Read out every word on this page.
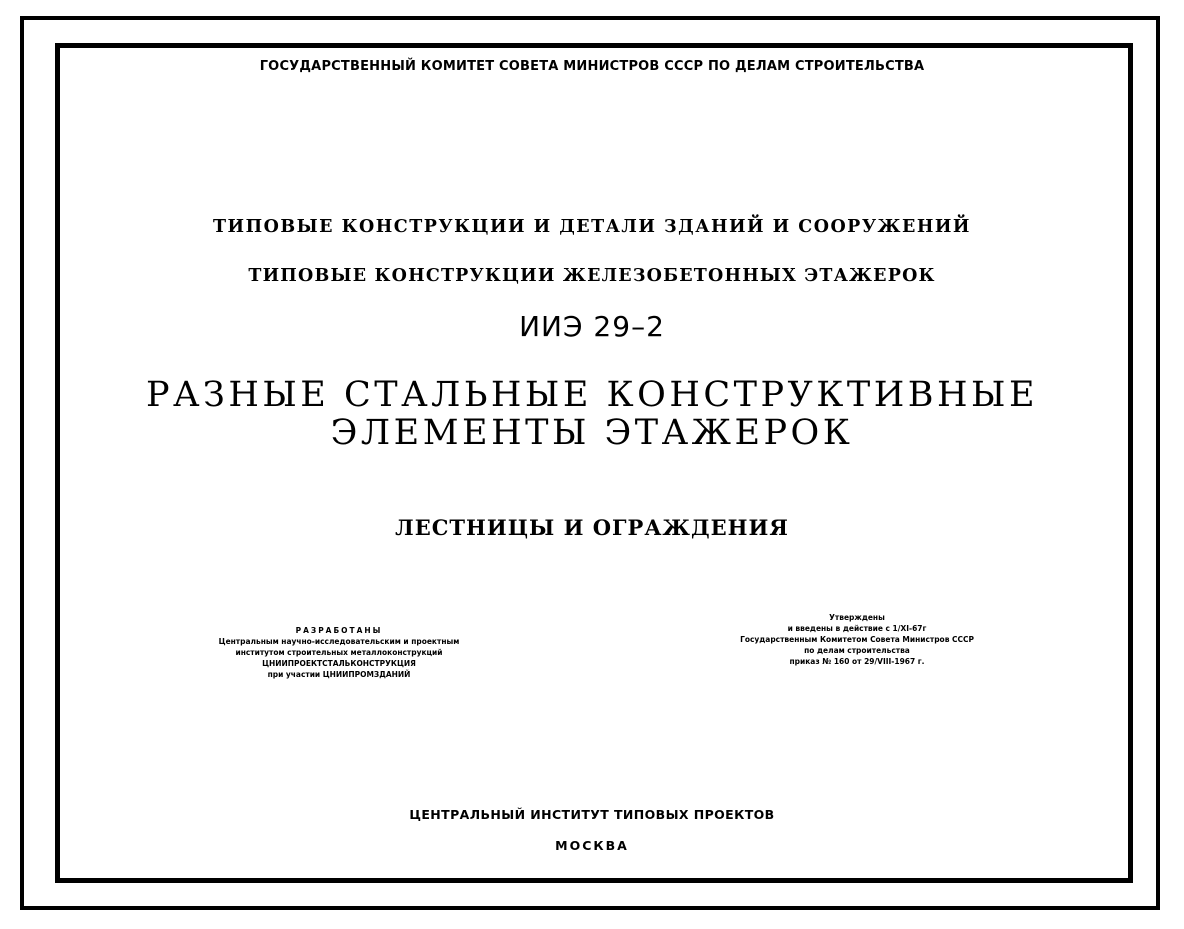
ГОСУДАРСТВЕННЫЙ КОМИТЕТ СОВЕТА МИНИСТРОВ СССР ПО ДЕЛАМ СТРОИТЕЛЬСТВА
ТИПОВЫЕ КОНСТРУКЦИИ И ДЕТАЛИ ЗДАНИЙ И СООРУЖЕНИЙ
ТИПОВЫЕ КОНСТРУКЦИИ ЖЕЛЕЗОБЕТОННЫХ ЭТАЖЕРОК
ИИЭ 29–2
РАЗНЫЕ СТАЛЬНЫЕ КОНСТРУКТИВНЫЕ
ЭЛЕМЕНТЫ ЭТАЖЕРОК
ЛЕСТНИЦЫ И ОГРАЖДЕНИЯ
РАЗРАБОТАНЫ
Центральным научно-исследовательским и проектным
институтом строительных металлоконструкций
ЦНИИПРОЕКТСТАЛЬКОНСТРУКЦИЯ
при участии ЦНИИПРОМЗДАНИЙ
Утверждены
и введены в действие с 1/XI-67г
Государственным Комитетом Совета Министров СССР
по делам строительства
приказ № 160 от 29/VIII-1967 г.
ЦЕНТРАЛЬНЫЙ ИНСТИТУТ ТИПОВЫХ ПРОЕКТОВ
МОСКВА
